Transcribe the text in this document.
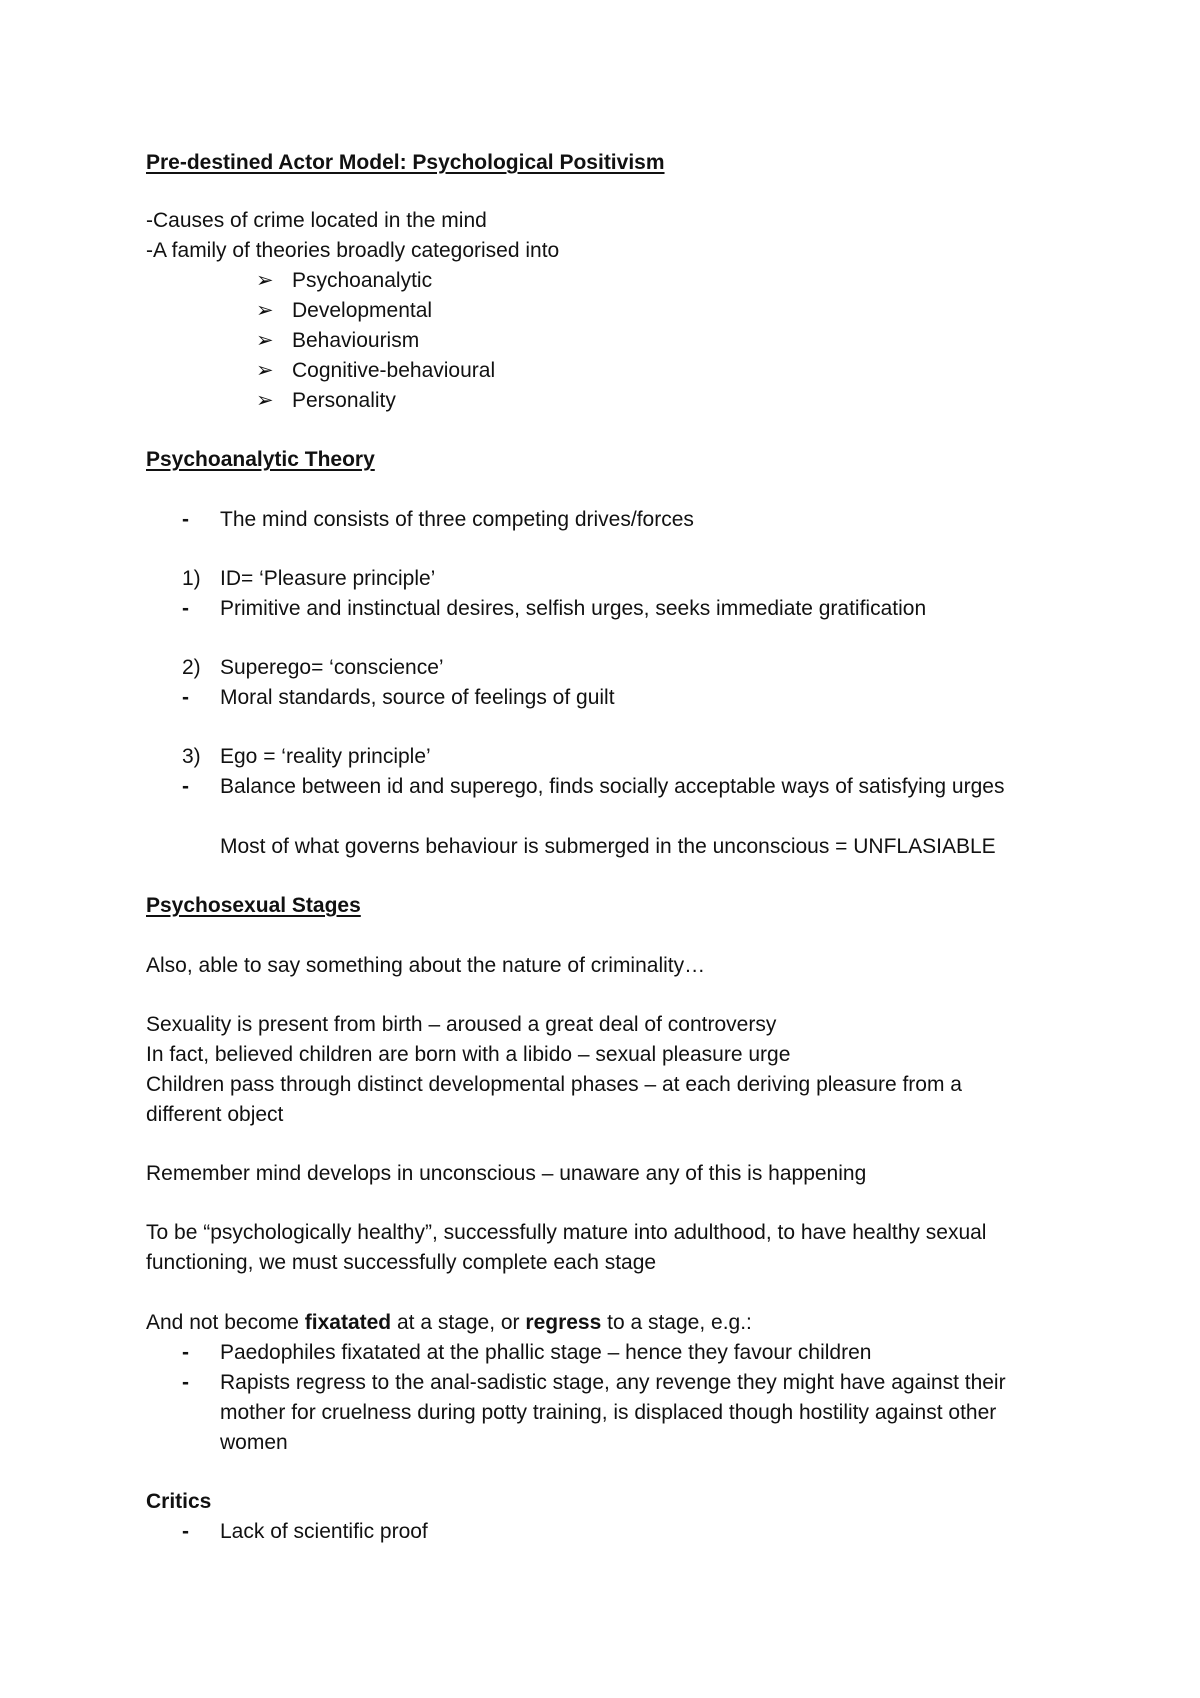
Pre-destined Actor Model: Psychological Positivism
-Causes of crime located in the mind
-A family of theories broadly categorised into
➢ Psychoanalytic
➢ Developmental
➢ Behaviourism
➢ Cognitive-behavioural
➢ Personality
Psychoanalytic Theory
- The mind consists of three competing drives/forces
1) ID= ‘Pleasure principle’
- Primitive and instinctual desires, selfish urges, seeks immediate gratification
2) Superego= ‘conscience’
- Moral standards, source of feelings of guilt
3) Ego = ‘reality principle’
- Balance between id and superego, finds socially acceptable ways of satisfying urges
Most of what governs behaviour is submerged in the unconscious = UNFLASIABLE
Psychosexual Stages
Also, able to say something about the nature of criminality…
Sexuality is present from birth – aroused a great deal of controversy
In fact, believed children are born with a libido – sexual pleasure urge
Children pass through distinct developmental phases – at each deriving pleasure from a
different object
Remember mind develops in unconscious – unaware any of this is happening
To be “psychologically healthy”, successfully mature into adulthood, to have healthy sexual
functioning, we must successfully complete each stage
And not become fixatated at a stage, or regress to a stage, e.g.:
- Paedophiles fixatated at the phallic stage – hence they favour children
- Rapists regress to the anal-sadistic stage, any revenge they might have against their
mother for cruelness during potty training, is displaced though hostility against other
women
Critics
- Lack of scientific proof
